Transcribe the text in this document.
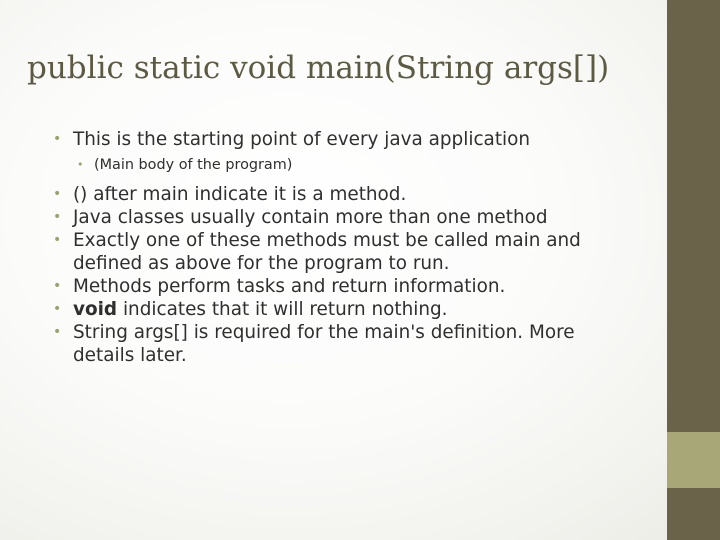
public static void main(String args[])

• This is the starting point of every java application

• (Main body of the program)

• () after main indicate it is a method.

• Java classes usually contain more than one method

• Exactly one of these methods must be called main and defined as above for the program to run.

• Methods perform tasks and return information.

• void indicates that it will return nothing.

• String args[] is required for the main's definition. More details later.
